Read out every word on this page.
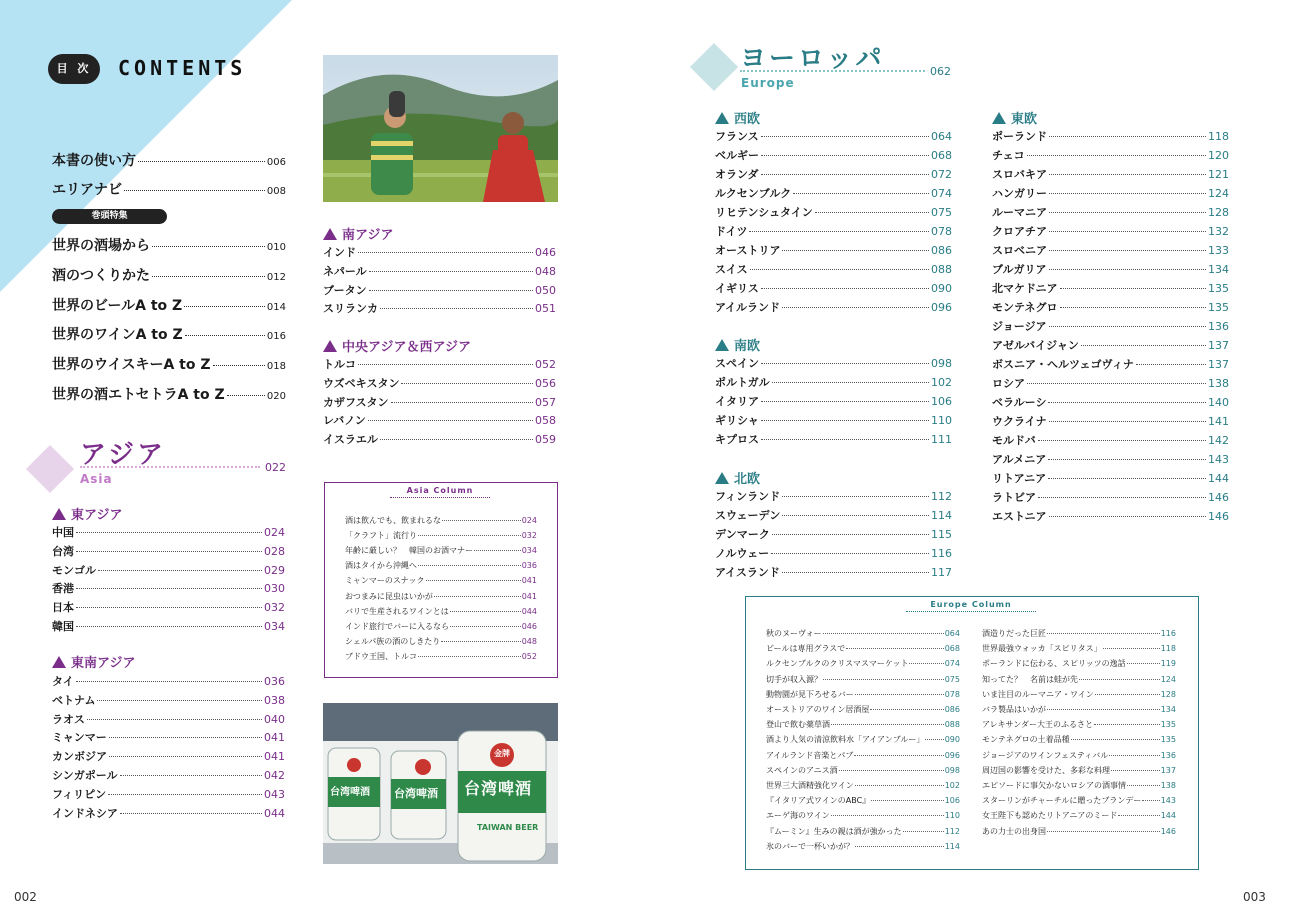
目 次	CONTENTS
本書の使い方	006
エリアナビ	008
巻頭特集
世界の酒場から	010
酒のつくりかた	012
世界のビールA to Z	014
世界のワインA to Z	016
世界のウイスキーA to Z	018
世界の酒エトセトラA to Z	020
アジア
Asia
022
東アジア
中国	024
台湾	028
モンゴル	029
香港	030
日本	032
韓国	034
東南アジア
タイ	036
ベトナム	038
ラオス	040
ミャンマー	041
カンボジア	041
シンガポール	042
フィリピン	043
インドネシア	044
南アジア
インド	046
ネパール	048
ブータン	050
スリランカ	051
中央アジア＆西アジア
トルコ	052
ウズベキスタン	056
カザフスタン	057
レバノン	058
イスラエル	059
Asia Column
酒は飲んでも、飲まれるな	024
「クラフト」流行り	032
年齢に厳しい？　韓国のお酒マナー	034
酒はタイから沖縄へ	036
ミャンマーのスナック	041
おつまみに昆虫はいかが	041
バリで生産されるワインとは	044
インド旅行でバーに入るなら	046
シェルパ族の酒のしきたり	048
ブドウ王国、トルコ	052
台湾啤酒
台湾啤酒
台湾啤酒
TAIWAN BEER
金牌
ヨーロッパ
Europe
062
西欧
フランス	064
ベルギー	068
オランダ	072
ルクセンブルク	074
リヒテンシュタイン	075
ドイツ	078
オーストリア	086
スイス	088
イギリス	090
アイルランド	096
南欧
スペイン	098
ポルトガル	102
イタリア	106
ギリシャ	110
キプロス	111
北欧
フィンランド	112
スウェーデン	114
デンマーク	115
ノルウェー	116
アイスランド	117
東欧
ポーランド	118
チェコ	120
スロバキア	121
ハンガリー	124
ルーマニア	128
クロアチア	132
スロベニア	133
ブルガリア	134
北マケドニア	135
モンテネグロ	135
ジョージア	136
アゼルバイジャン	137
ボスニア・ヘルツェゴヴィナ	137
ロシア	138
ベラルーシ	140
ウクライナ	141
モルドバ	142
アルメニア	143
リトアニア	144
ラトビア	146
エストニア	146
Europe Column
秋のヌーヴォー	064
ビールは専用グラスで	068
ルクセンブルクのクリスマスマーケット	074
切手が収入源？	075
動物園が見下ろせるバー	078
オーストリアのワイン居酒屋	086
登山で飲む薬草酒	088
酒より人気の清涼飲料水「アイアンブルー」	090
アイルランド音楽とパブ	096
スペインのアニス酒	098
世界三大酒精強化ワイン	102
『イタリア式ワインのABC』	106
エーゲ海のワイン	110
『ムーミン』生みの親は酒が強かった	112
氷のバーで一杯いかが？	114
酒造りだった巨匠	116
世界最強ウォッカ「スピリタス」	118
ポーランドに伝わる、スピリッツの逸話	119
知ってた？　名前は蛙が先	124
いま注目のルーマニア・ワイン	128
バラ製品はいかが	134
アレキサンダー大王のふるさと	135
モンテネグロの土着品種	135
ジョージアのワインフェスティバル	136
周辺国の影響を受けた、多彩な料理	137
エピソードに事欠かないロシアの酒事情	138
スターリンがチャーチルに贈ったブランデー 143
女王陛下も認めたリトアニアのミード	144
あの力士の出身国	146
002	003
